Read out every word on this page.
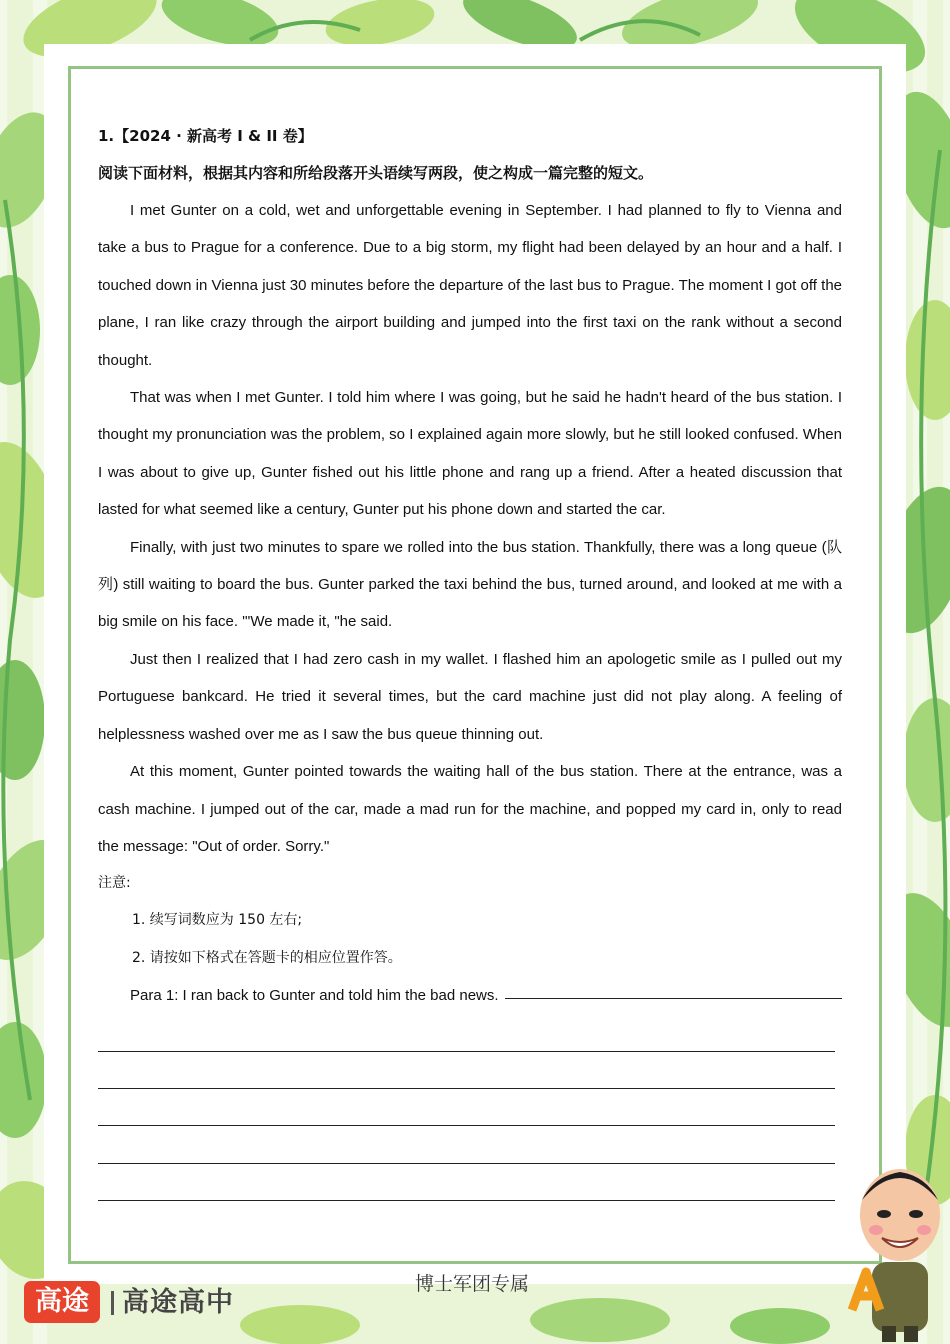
1.【2024 · 新高考 I & II 卷】

阅读下面材料，根据其内容和所给段落开头语续写两段，使之构成一篇完整的短文。

I met Gunter on a cold, wet and unforgettable evening in September. I had planned to fly to Vienna and take a bus to Prague for a conference. Due to a big storm, my flight had been delayed by an hour and a half. I touched down in Vienna just 30 minutes before the departure of the last bus to Prague. The moment I got off the plane, I ran like crazy through the airport building and jumped into the first taxi on the rank without a second thought.

That was when I met Gunter. I told him where I was going, but he said he hadn't heard of the bus station. I thought my pronunciation was the problem, so I explained again more slowly, but he still looked confused. When I was about to give up, Gunter fished out his little phone and rang up a friend. After a heated discussion that lasted for what seemed like a century, Gunter put his phone down and started the car.

Finally, with just two minutes to spare we rolled into the bus station. Thankfully, there was a long queue (队列) still waiting to board the bus. Gunter parked the taxi behind the bus, turned around, and looked at me with a big smile on his face. "'We made it, "he said.

Just then I realized that I had zero cash in my wallet. I flashed him an apologetic smile as I pulled out my Portuguese bankcard. He tried it several times, but the card machine just did not play along. A feeling of helplessness washed over me as I saw the bus queue thinning out.

At this moment, Gunter pointed towards the waiting hall of the bus station. There at the entrance, was a cash machine. I jumped out of the car, made a mad run for the machine, and popped my card in, only to read the message: "Out of order. Sorry."

注意:

1. 续写词数应为 150 左右;

2. 请按如下格式在答题卡的相应位置作答。

Para 1: I ran back to Gunter and told him the bad news.
博士军团专属
高途	高途高中
